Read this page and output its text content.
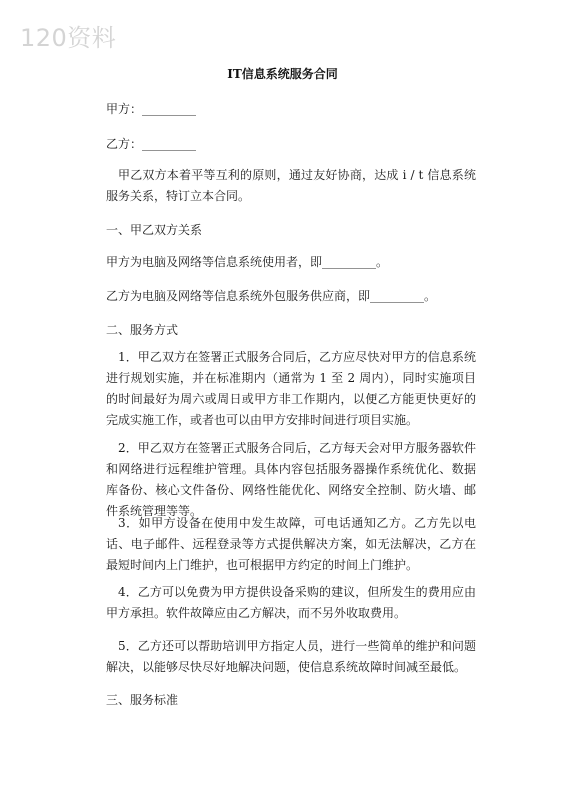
120资料
IT信息系统服务合同
甲方：_________
乙方：_________
甲乙双方本着平等互利的原则，通过友好协商，达成 i / t 信息系统服务关系，特订立本合同。
一、甲乙双方关系
甲方为电脑及网络等信息系统使用者，即_________。
乙方为电脑及网络等信息系统外包服务供应商，即_________。
二、服务方式
1．甲乙双方在签署正式服务合同后，乙方应尽快对甲方的信息系统进行规划实施，并在标准期内（通常为 1 至 2 周内），同时实施项目的时间最好为周六或周日或甲方非工作期内，以便乙方能更快更好的完成实施工作，或者也可以由甲方安排时间进行项目实施。
2．甲乙双方在签署正式服务合同后，乙方每天会对甲方服务器软件和网络进行远程维护管理。具体内容包括服务器操作系统优化、数据库备份、核心文件备份、网络性能优化、网络安全控制、防火墙、邮件系统管理等等。
3．如甲方设备在使用中发生故障，可电话通知乙方。乙方先以电话、电子邮件、远程登录等方式提供解决方案，如无法解决，乙方在最短时间内上门维护，也可根据甲方约定的时间上门维护。
4．乙方可以免费为甲方提供设备采购的建议，但所发生的费用应由甲方承担。软件故障应由乙方解决，而不另外收取费用。
5．乙方还可以帮助培训甲方指定人员，进行一些简单的维护和问题解决，以能够尽快尽好地解决问题，使信息系统故障时间减至最低。
三、服务标准
